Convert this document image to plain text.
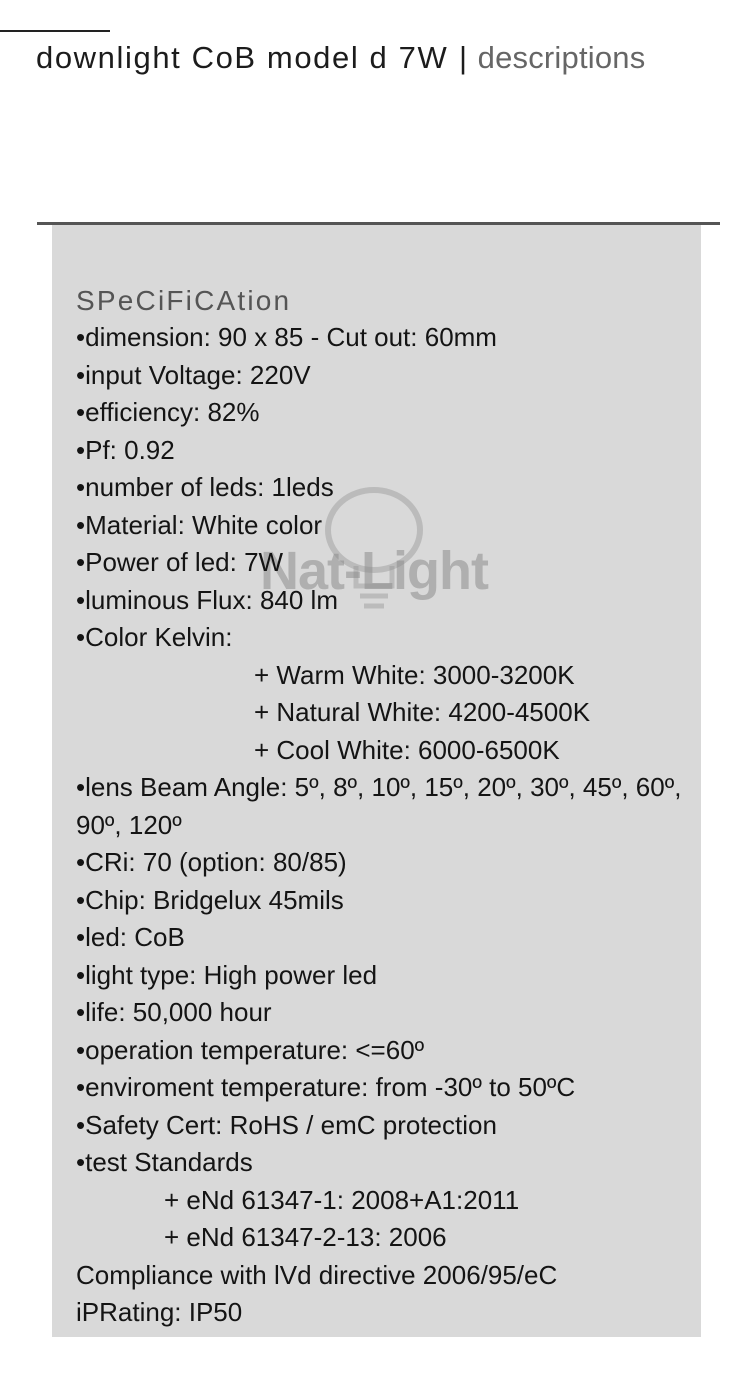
downlight CoB model d 7W | descriptions
Nat-Light
SPeCiFiCAtion
•dimension: 90 x 85 - Cut out: 60mm
•input Voltage: 220V
•efficiency: 82%
•Pf: 0.92
•number of leds: 1leds
•Material: White color
•Power of led: 7W
•luminous Flux: 840 lm
•Color Kelvin:
+ Warm White: 3000-3200K
+ Natural White: 4200-4500K
+ Cool White: 6000-6500K
•lens Beam Angle: 5º, 8º, 10º, 15º, 20º, 30º, 45º, 60º, 90º, 120º
•CRi: 70 (option: 80/85)
•Chip: Bridgelux 45mils
•led: CoB
•light type: High power led
•life: 50,000 hour
•operation temperature: <=60º
•enviroment temperature: from -30º to 50ºC
•Safety Cert: RoHS / emC protection
•test Standards
+ eNd 61347-1: 2008+A1:2011
+ eNd 61347-2-13: 2006
Compliance with lVd directive 2006/95/eC
iPRating: IP50
